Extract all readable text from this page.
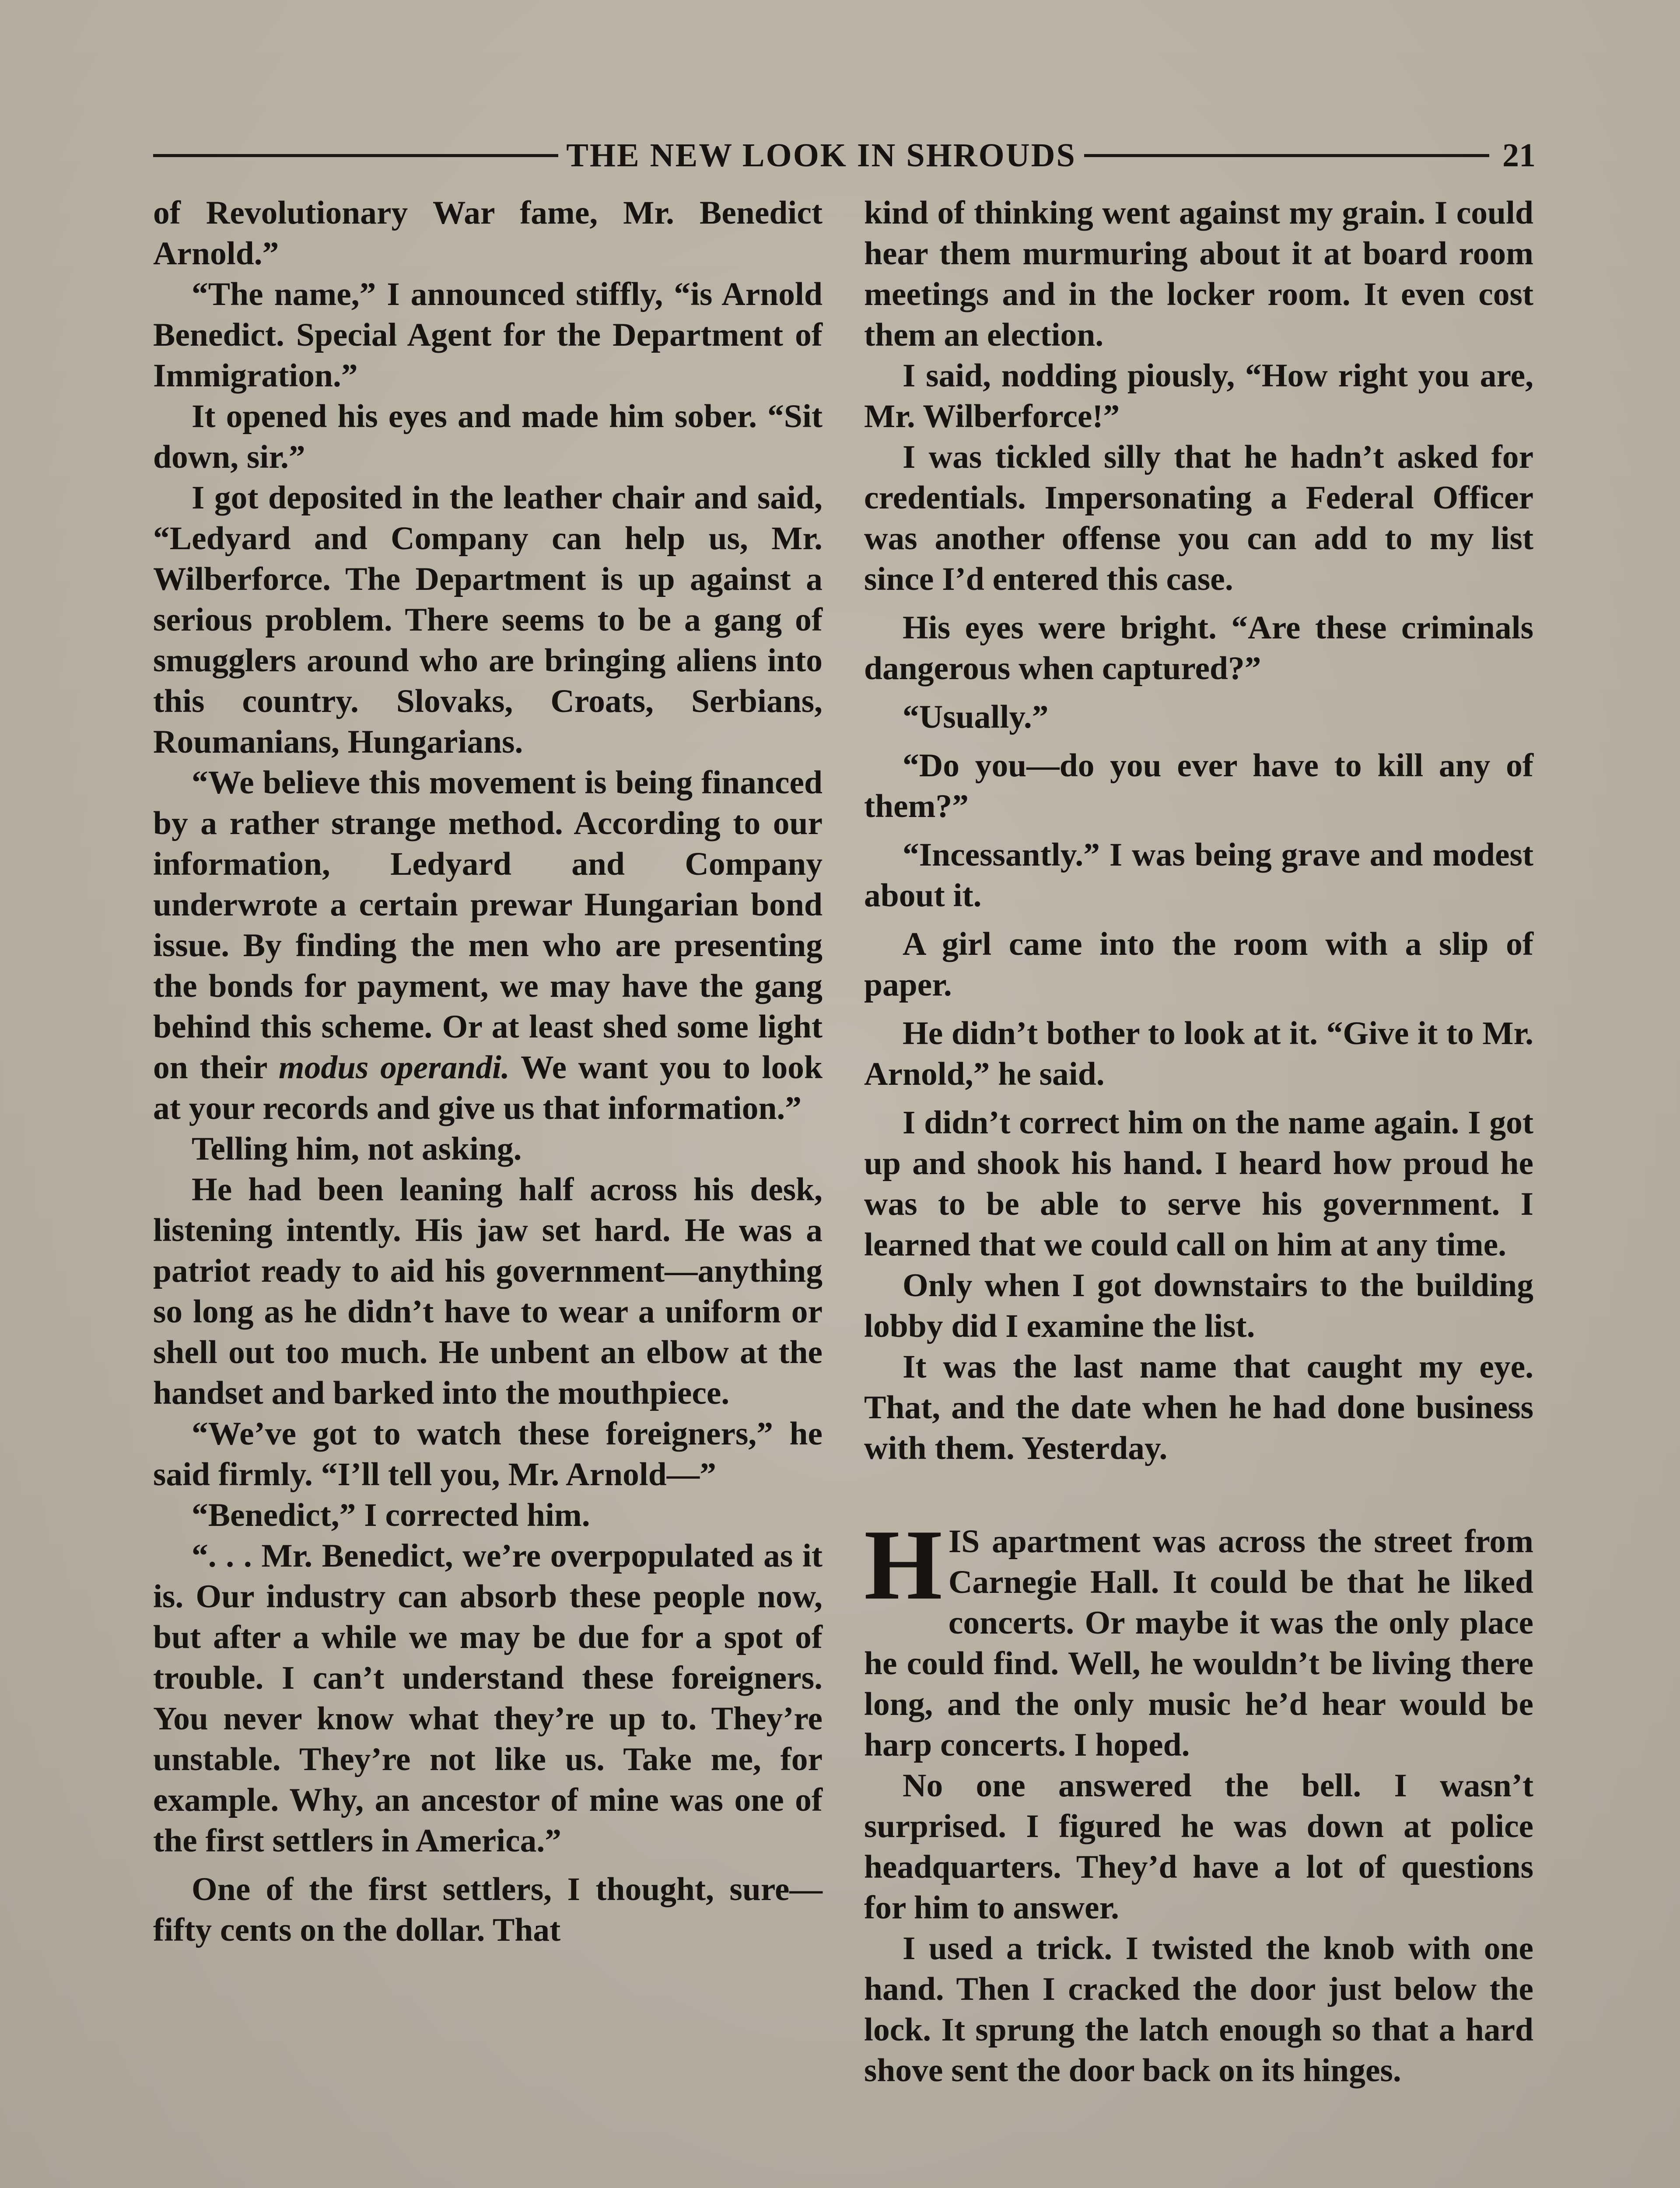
THE NEW LOOK IN SHROUDS	21

of Revolutionary War fame, Mr. Benedict Arnold.”

“The name,” I announced stiffly, “is Arnold Benedict. Special Agent for the Department of Immigration.”

It opened his eyes and made him sober. “Sit down, sir.”

I got deposited in the leather chair and said, “Ledyard and Company can help us, Mr. Wilberforce. The Department is up against a serious problem. There seems to be a gang of smugglers around who are bringing aliens into this country. Slovaks, Croats, Serbians, Roumanians, Hungarians.

“We believe this movement is being financed by a rather strange method. According to our information, Ledyard and Company underwrote a certain prewar Hungarian bond issue. By finding the men who are presenting the bonds for payment, we may have the gang behind this scheme. Or at least shed some light on their modus operandi. We want you to look at your records and give us that information.”

Telling him, not asking.

He had been leaning half across his desk, listening intently. His jaw set hard. He was a patriot ready to aid his government—anything so long as he didn’t have to wear a uniform or shell out too much. He unbent an elbow at the handset and barked into the mouthpiece.

“We’ve got to watch these foreigners,” he said firmly. “I’ll tell you, Mr. Arnold—”

“Benedict,” I corrected him.

“. . . Mr. Benedict, we’re overpopulated as it is. Our industry can absorb these people now, but after a while we may be due for a spot of trouble. I can’t understand these foreigners. You never know what they’re up to. They’re unstable. They’re not like us. Take me, for example. Why, an ancestor of mine was one of the first settlers in America.”

One of the first settlers, I thought, sure—fifty cents on the dollar. That

kind of thinking went against my grain. I could hear them murmuring about it at board room meetings and in the locker room. It even cost them an election.

I said, nodding piously, “How right you are, Mr. Wilberforce!”

I was tickled silly that he hadn’t asked for credentials. Impersonating a Federal Officer was another offense you can add to my list since I’d entered this case.

His eyes were bright. “Are these criminals dangerous when captured?”

“Usually.”

“Do you—do you ever have to kill any of them?”

“Incessantly.” I was being grave and modest about it.

A girl came into the room with a slip of paper.

He didn’t bother to look at it. “Give it to Mr. Arnold,” he said.

I didn’t correct him on the name again. I got up and shook his hand. I heard how proud he was to be able to serve his government. I learned that we could call on him at any time.

Only when I got downstairs to the building lobby did I examine the list.

It was the last name that caught my eye. That, and the date when he had done business with them. Yesterday.

HIS apartment was across the street from Carnegie Hall. It could be that he liked concerts. Or maybe it was the only place he could find. Well, he wouldn’t be living there long, and the only music he’d hear would be harp concerts. I hoped.

No one answered the bell. I wasn’t surprised. I figured he was down at police headquarters. They’d have a lot of questions for him to answer.

I used a trick. I twisted the knob with one hand. Then I cracked the door just below the lock. It sprung the latch enough so that a hard shove sent the door back on its hinges.
